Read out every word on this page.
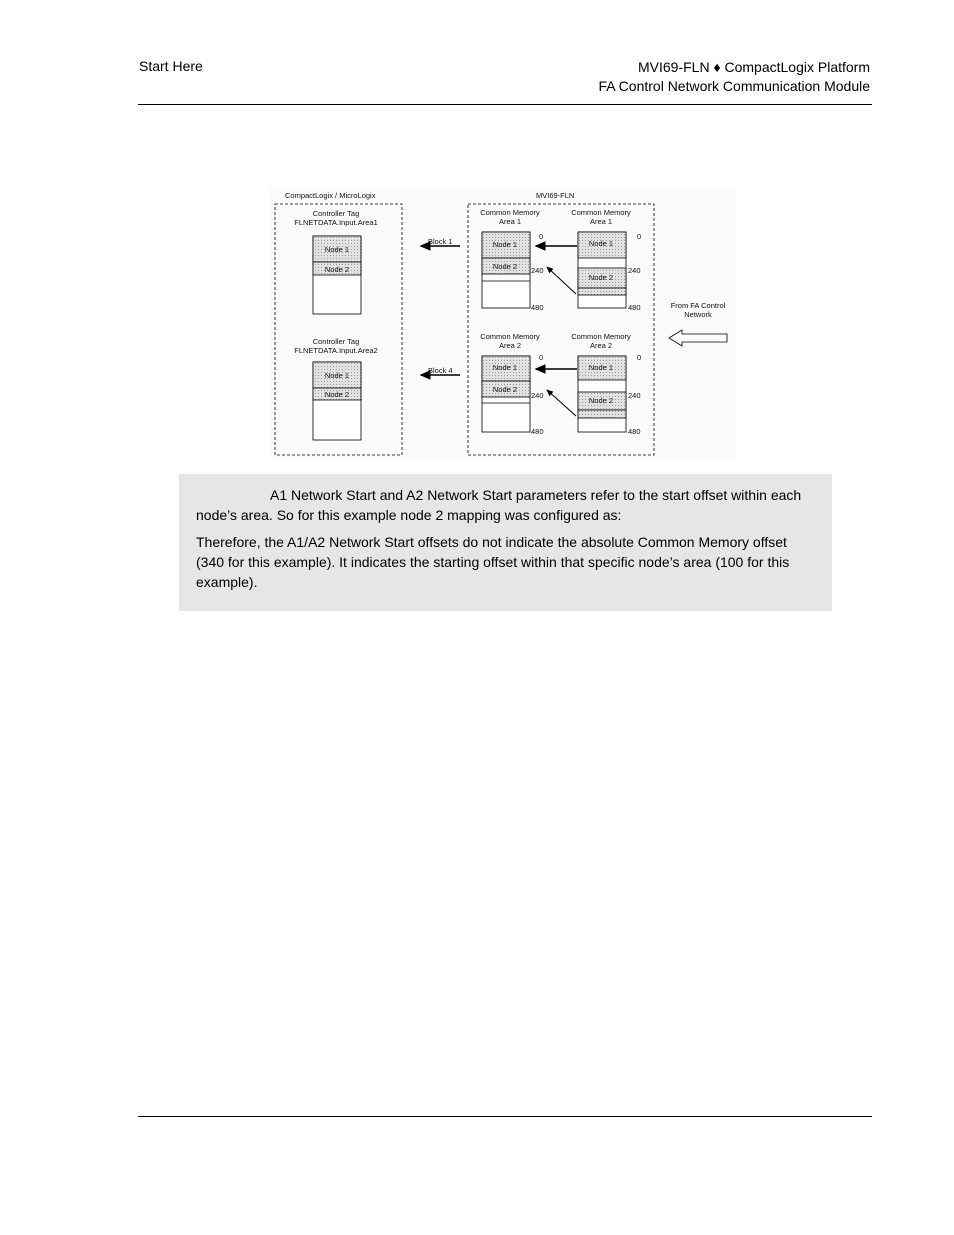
Start Here	MVI69-FLN ♦ CompactLogix Platform
FA Control Network Communication Module
CompactLogix / MicroLogix	MVI69-FLN
Controller Tag
FLNETDATA.Input.Area1
Node 1
Node 2
Controller Tag
FLNETDATA.Input.Area2
Node 1
Node 2
Block 1
Block 4
Common Memory
Area 1
Node 1
Node 2
0
240
480
Common Memory
Area 1
Node 1
Node 2
0
240
480
Common Memory
Area 2
Node 1
Node 2
0
240
480
Common Memory
Area 2
Node 1
Node 2
0
240
480
From FA Control
Network

A1 Network Start and A2 Network Start parameters refer to the start offset within each node’s area. So for this example node 2 mapping was configured as:

Therefore, the A1/A2 Network Start offsets do not indicate the absolute Common Memory offset (340 for this example). It indicates the starting offset within that specific node’s area (100 for this example).
